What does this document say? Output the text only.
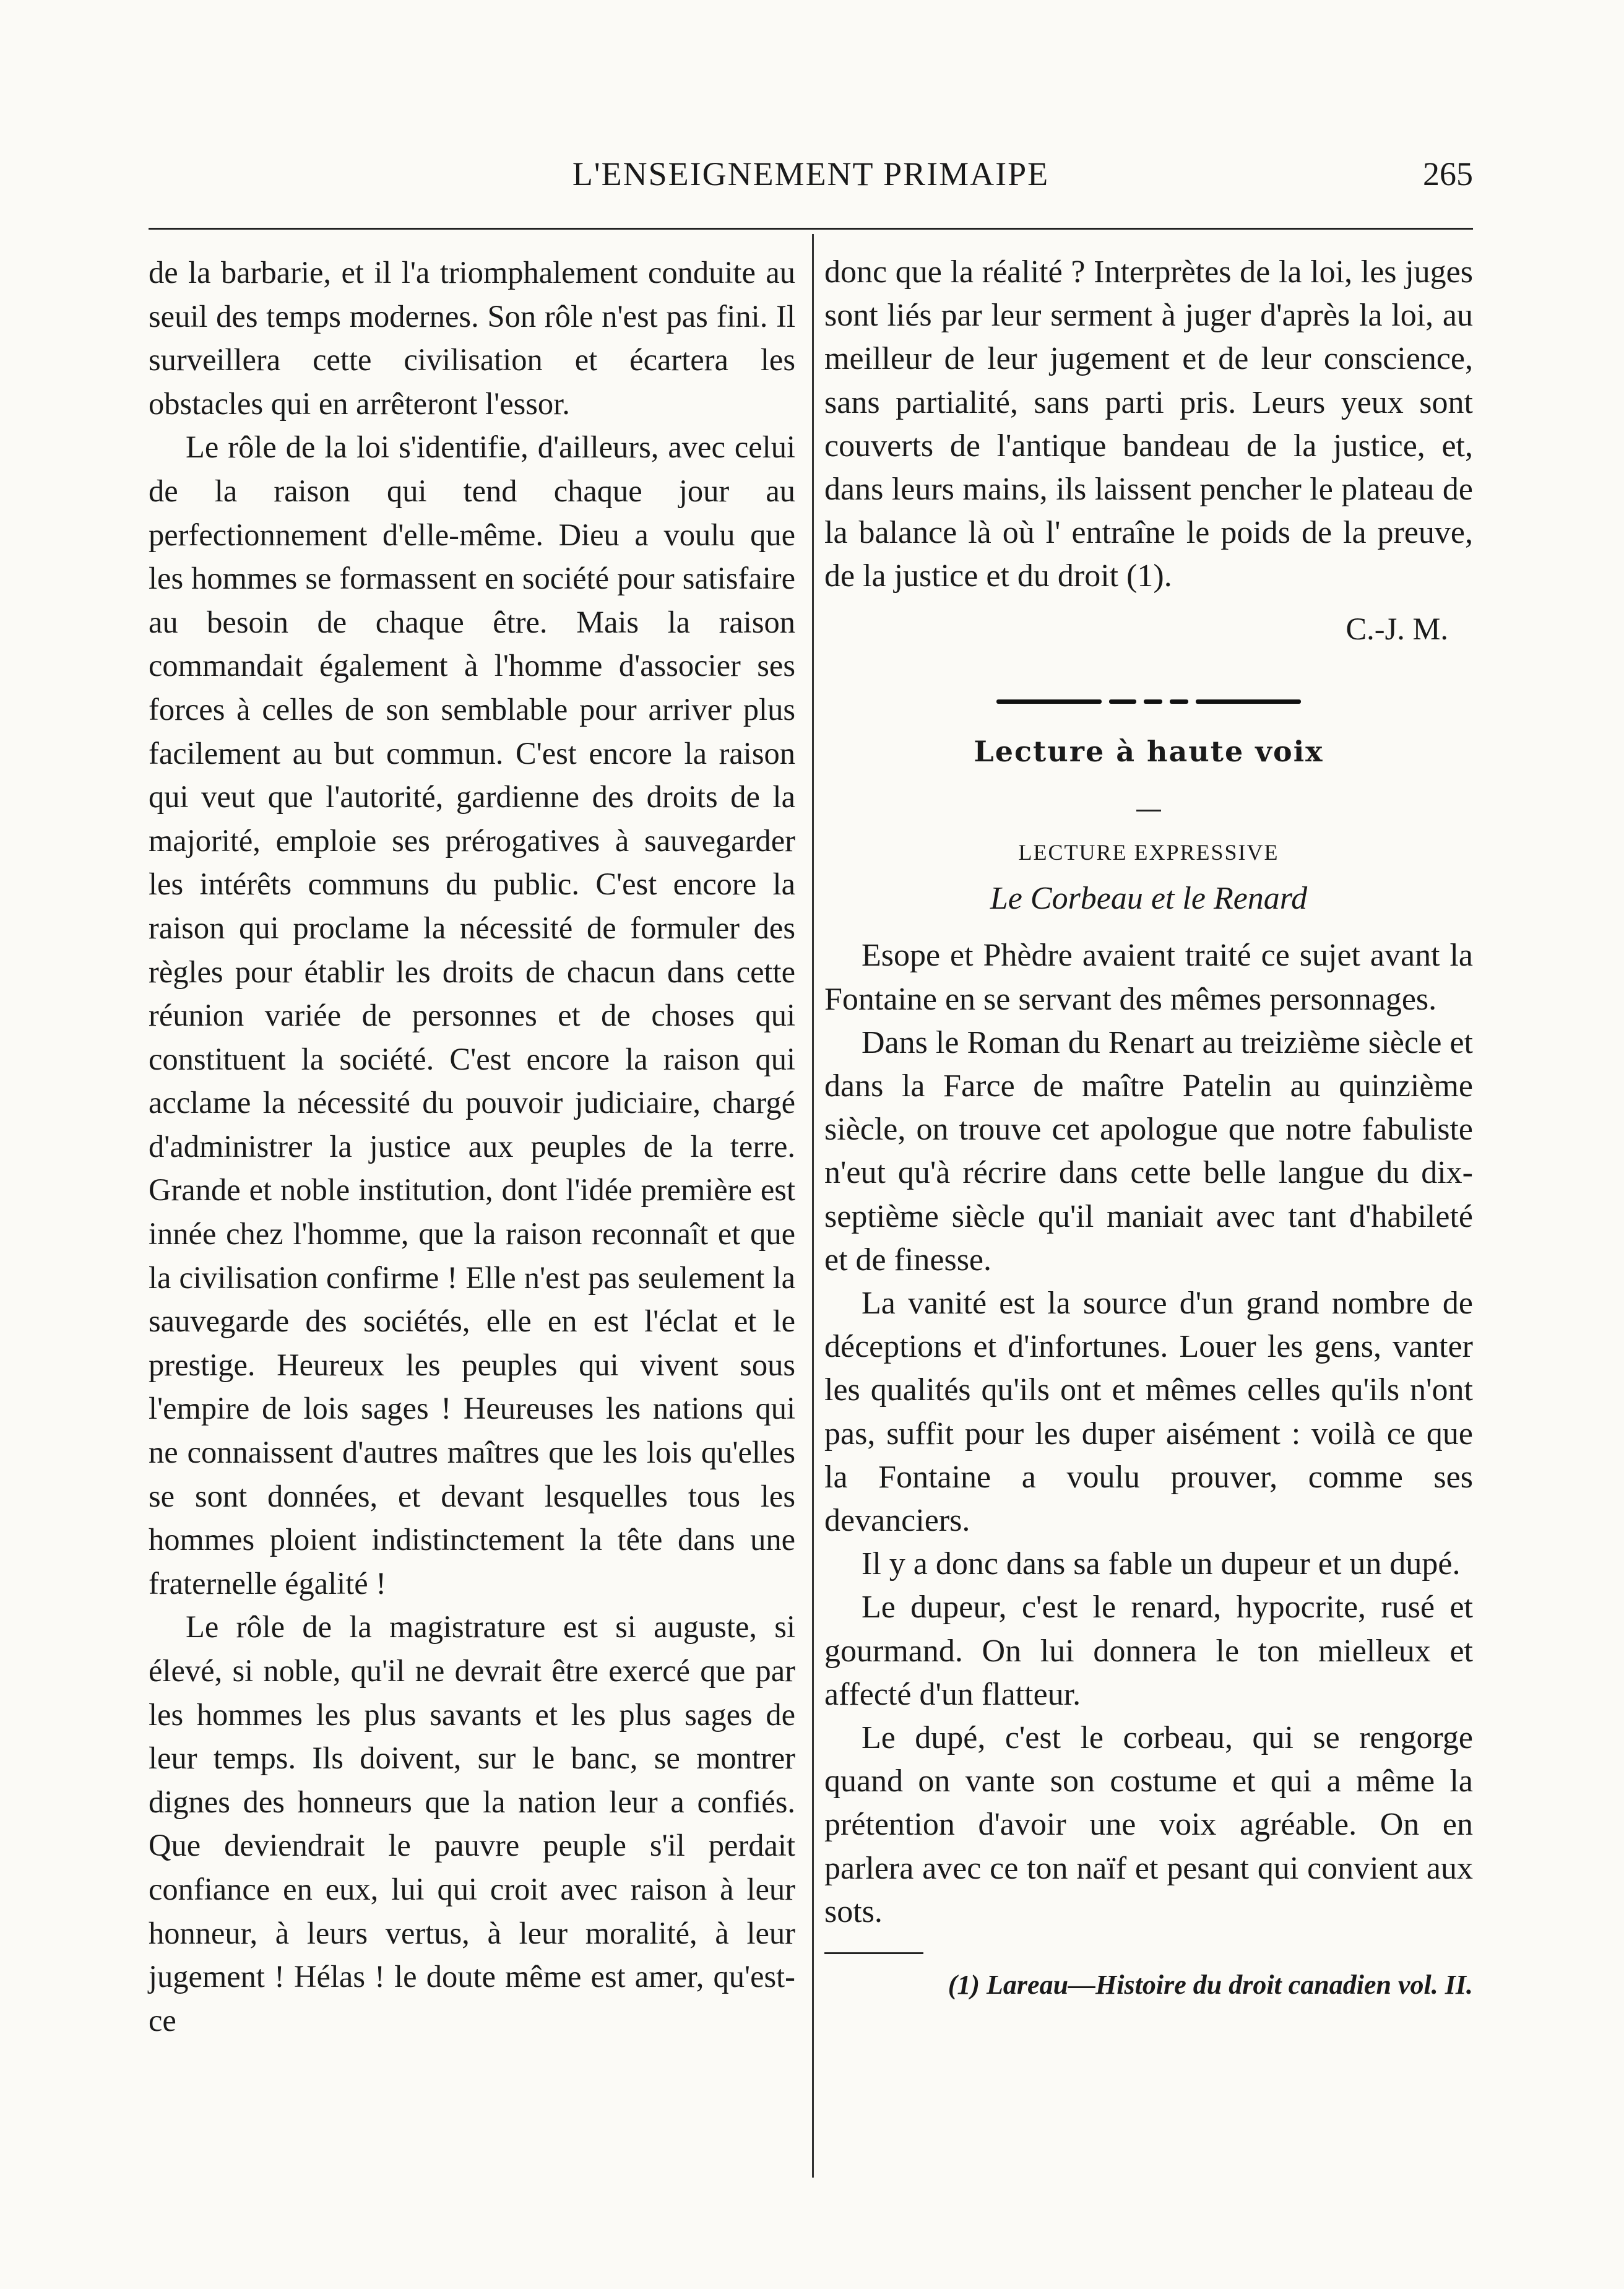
L'ENSEIGNEMENT PRIMAIPE	265

de la barbarie, et il l'a triomphalement conduite au seuil des temps modernes. Son rôle n'est pas fini. Il surveillera cette civilisation et écartera les obstacles qui en arrêteront l'essor.

Le rôle de la loi s'identifie, d'ailleurs, avec celui de la raison qui tend chaque jour au perfectionnement d'elle-même. Dieu a voulu que les hommes se formassent en société pour satisfaire au besoin de chaque être. Mais la raison commandait également à l'homme d'associer ses forces à celles de son semblable pour arriver plus facilement au but commun. C'est encore la raison qui veut que l'autorité, gardienne des droits de la majorité, emploie ses prérogatives à sauvegarder les intérêts communs du public. C'est encore la raison qui proclame la nécessité de formuler des règles pour établir les droits de chacun dans cette réunion variée de personnes et de choses qui constituent la société. C'est encore la raison qui acclame la nécessité du pouvoir judiciaire, chargé d'administrer la justice aux peuples de la terre. Grande et noble institution, dont l'idée première est innée chez l'homme, que la raison reconnaît et que la civilisation confirme ! Elle n'est pas seulement la sauvegarde des sociétés, elle en est l'éclat et le prestige. Heureux les peuples qui vivent sous l'empire de lois sages ! Heureuses les nations qui ne connaissent d'autres maîtres que les lois qu'elles se sont données, et devant lesquelles tous les hommes ploient indistinctement la tête dans une fraternelle égalité !

Le rôle de la magistrature est si auguste, si élevé, si noble, qu'il ne devrait être exercé que par les hommes les plus savants et les plus sages de leur temps. Ils doivent, sur le banc, se montrer dignes des honneurs que la nation leur a confiés. Que deviendrait le pauvre peuple s'il perdait confiance en eux, lui qui croit avec raison à leur honneur, à leurs vertus, à leur moralité, à leur jugement ! Hélas ! le doute même est amer, qu'est-ce

donc que la réalité ? Interprètes de la loi, les juges sont liés par leur serment à juger d'après la loi, au meilleur de leur jugement et de leur conscience, sans partialité, sans parti pris. Leurs yeux sont couverts de l'antique bandeau de la justice, et, dans leurs mains, ils laissent pencher le plateau de la balance là où l' entraîne le poids de la preuve, de la justice et du droit (1).

C.-J. M.
Lecture à haute voix
LECTURE EXPRESSIVE
Le Corbeau et le Renard

Esope et Phèdre avaient traité ce sujet avant la Fontaine en se servant des mêmes personnages.

Dans le Roman du Renart au treizième siècle et dans la Farce de maître Patelin au quinzième siècle, on trouve cet apologue que notre fabuliste n'eut qu'à récrire dans cette belle langue du dix-septième siècle qu'il maniait avec tant d'habileté et de finesse.

La vanité est la source d'un grand nombre de déceptions et d'infortunes. Louer les gens, vanter les qualités qu'ils ont et mêmes celles qu'ils n'ont pas, suffit pour les duper aisément : voilà ce que la Fontaine a voulu prouver, comme ses devanciers.

Il y a donc dans sa fable un dupeur et un dupé.

Le dupeur, c'est le renard, hypocrite, rusé et gourmand. On lui donnera le ton mielleux et affecté d'un flatteur.

Le dupé, c'est le corbeau, qui se rengorge quand on vante son costume et qui a même la prétention d'avoir une voix agréable. On en parlera avec ce ton naïf et pesant qui convient aux sots.

(1) Lareau—Histoire du droit canadien vol. II.
